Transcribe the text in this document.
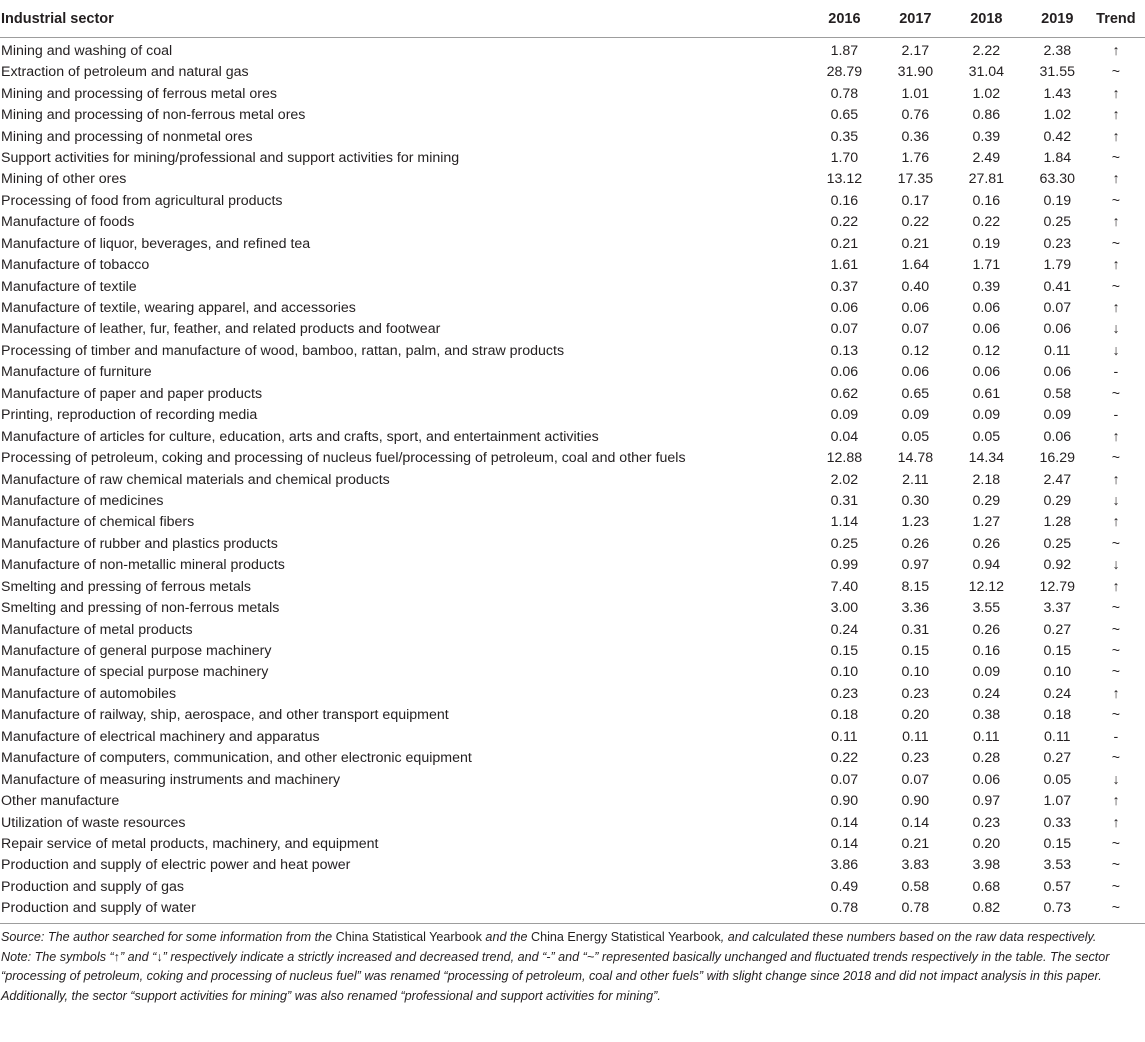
Industrial sector	2016	2017	2018	2019	Trend
Mining and washing of coal	1.87	2.17	2.22	2.38	↑
Extraction of petroleum and natural gas	28.79	31.90	31.04	31.55	~
Mining and processing of ferrous metal ores	0.78	1.01	1.02	1.43	↑
Mining and processing of non-ferrous metal ores	0.65	0.76	0.86	1.02	↑
Mining and processing of nonmetal ores	0.35	0.36	0.39	0.42	↑
Support activities for mining/professional and support activities for mining	1.70	1.76	2.49	1.84	~
Mining of other ores	13.12	17.35	27.81	63.30	↑
Processing of food from agricultural products	0.16	0.17	0.16	0.19	~
Manufacture of foods	0.22	0.22	0.22	0.25	↑
Manufacture of liquor, beverages, and refined tea	0.21	0.21	0.19	0.23	~
Manufacture of tobacco	1.61	1.64	1.71	1.79	↑
Manufacture of textile	0.37	0.40	0.39	0.41	~
Manufacture of textile, wearing apparel, and accessories	0.06	0.06	0.06	0.07	↑
Manufacture of leather, fur, feather, and related products and footwear	0.07	0.07	0.06	0.06	↓
Processing of timber and manufacture of wood, bamboo, rattan, palm, and straw products	0.13	0.12	0.12	0.11	↓
Manufacture of furniture	0.06	0.06	0.06	0.06	-
Manufacture of paper and paper products	0.62	0.65	0.61	0.58	~
Printing, reproduction of recording media	0.09	0.09	0.09	0.09	-
Manufacture of articles for culture, education, arts and crafts, sport, and entertainment activities	0.04	0.05	0.05	0.06	↑
Processing of petroleum, coking and processing of nucleus fuel/processing of petroleum, coal and other fuels	12.88	14.78	14.34	16.29	~
Manufacture of raw chemical materials and chemical products	2.02	2.11	2.18	2.47	↑
Manufacture of medicines	0.31	0.30	0.29	0.29	↓
Manufacture of chemical fibers	1.14	1.23	1.27	1.28	↑
Manufacture of rubber and plastics products	0.25	0.26	0.26	0.25	~
Manufacture of non-metallic mineral products	0.99	0.97	0.94	0.92	↓
Smelting and pressing of ferrous metals	7.40	8.15	12.12	12.79	↑
Smelting and pressing of non-ferrous metals	3.00	3.36	3.55	3.37	~
Manufacture of metal products	0.24	0.31	0.26	0.27	~
Manufacture of general purpose machinery	0.15	0.15	0.16	0.15	~
Manufacture of special purpose machinery	0.10	0.10	0.09	0.10	~
Manufacture of automobiles	0.23	0.23	0.24	0.24	↑
Manufacture of railway, ship, aerospace, and other transport equipment	0.18	0.20	0.38	0.18	~
Manufacture of electrical machinery and apparatus	0.11	0.11	0.11	0.11	-
Manufacture of computers, communication, and other electronic equipment	0.22	0.23	0.28	0.27	~
Manufacture of measuring instruments and machinery	0.07	0.07	0.06	0.05	↓
Other manufacture	0.90	0.90	0.97	1.07	↑
Utilization of waste resources	0.14	0.14	0.23	0.33	↑
Repair service of metal products, machinery, and equipment	0.14	0.21	0.20	0.15	~
Production and supply of electric power and heat power	3.86	3.83	3.98	3.53	~
Production and supply of gas	0.49	0.58	0.68	0.57	~
Production and supply of water	0.78	0.78	0.82	0.73	~

Source: The author searched for some information from the China Statistical Yearbook and the China Energy Statistical Yearbook, and calculated these numbers based on the raw data respectively.

Note: The symbols “↑” and “↓” respectively indicate a strictly increased and decreased trend, and “-” and “~” represented basically unchanged and fluctuated trends respectively in the table. The sector “processing of petroleum, coking and processing of nucleus fuel” was renamed “processing of petroleum, coal and other fuels” with slight change since 2018 and did not impact analysis in this paper. Additionally, the sector “support activities for mining” was also renamed “professional and support activities for mining”.
